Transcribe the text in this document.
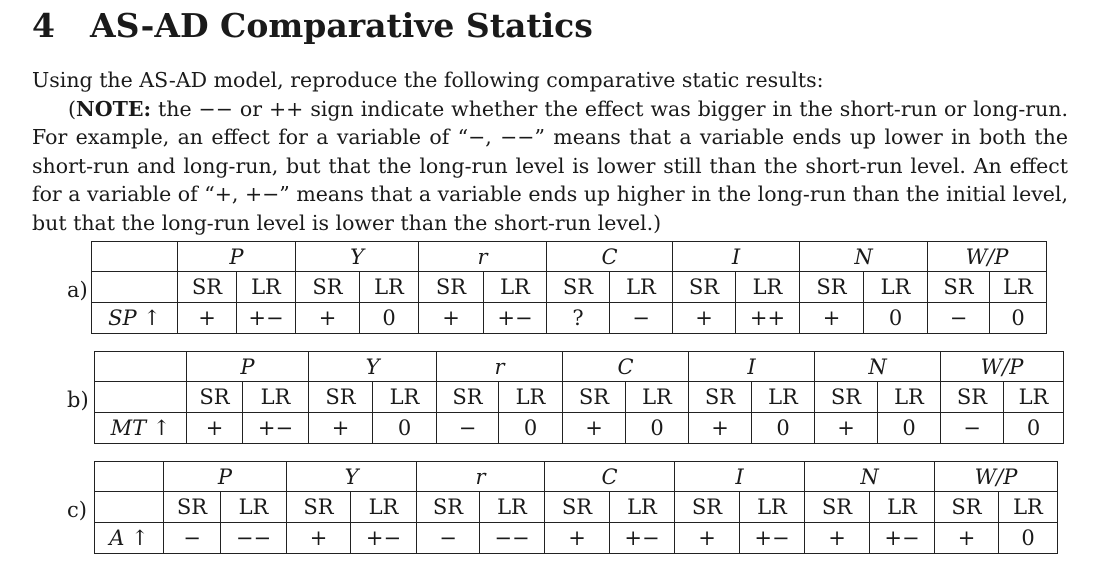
4 AS-AD Comparative Statics

Using the AS-AD model, reproduce the following comparative static results:

(NOTE: the −− or ++ sign indicate whether the effect was bigger in the short-run or long-run. For example, an effect for a variable of “−, −−” means that a variable ends up lower in both the short-run and long-run, but that the long-run level is lower still than the short-run level. An effect for a variable of “+, +−” means that a variable ends up higher in the long-run than the initial level, but that the long-run level is lower than the short-run level.)

a)
	P		Y		r		C		I		N		W/P	
	SR	LR	SR	LR	SR	LR	SR	LR	SR	LR	SR	LR	SR	LR
SP ↑	+	+−	+	0	+	+−	?	−	+	++	+	0	−	0
b)
	P		Y		r		C		I		N		W/P	
	SR	LR	SR	LR	SR	LR	SR	LR	SR	LR	SR	LR	SR	LR
MT ↑	+	+−	+	0	−	0	+	0	+	0	+	0	−	0
c)
	P		Y		r		C		I		N		W/P	
	SR	LR	SR	LR	SR	LR	SR	LR	SR	LR	SR	LR	SR	LR
A ↑	−	−−	+	+−	−	−−	+	+−	+	+−	+	+−	+	0
